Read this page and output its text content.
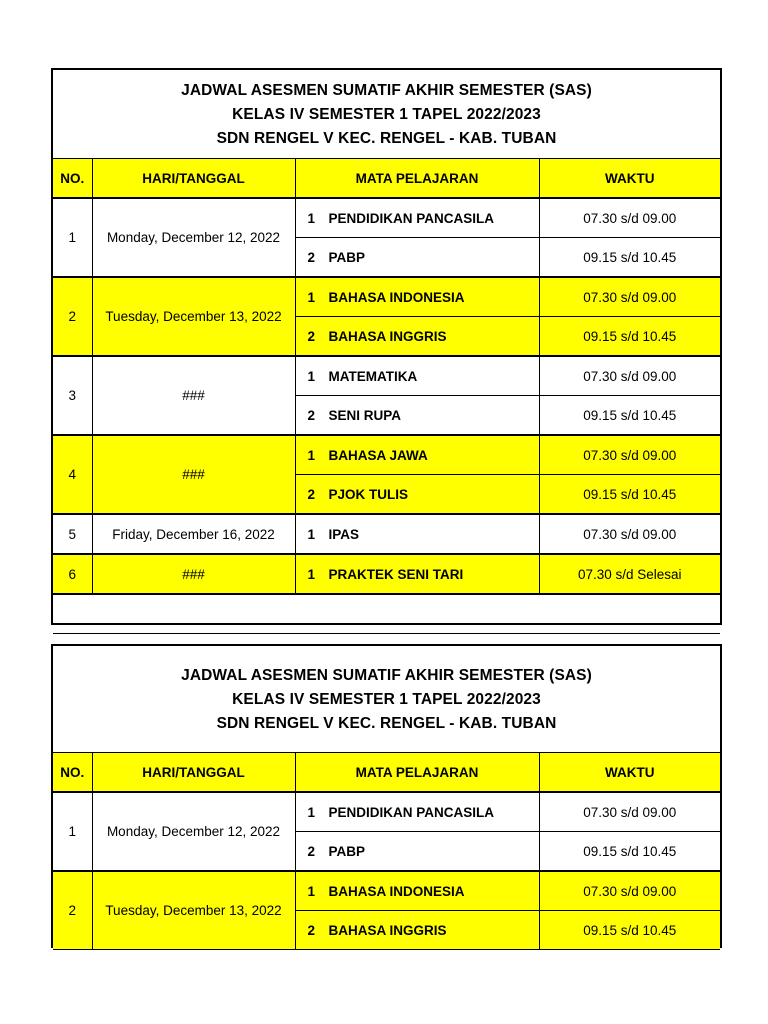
JADWAL ASESMEN SUMATIF AKHIR SEMESTER (SAS)
KELAS IV SEMESTER 1 TAPEL 2022/2023
SDN RENGEL V KEC. RENGEL - KAB. TUBAN
NO.	HARI/TANGGAL	MATA PELAJARAN	WAKTU
1	Monday, December 12, 2022	1 PENDIDIKAN PANCASILA	07.30 s/d 09.00
		2 PABP	09.15 s/d 10.45
2	Tuesday, December 13, 2022	1 BAHASA INDONESIA	07.30 s/d 09.00
		2 BAHASA INGGRIS	09.15 s/d 10.45
3	###	1 MATEMATIKA	07.30 s/d 09.00
		2 SENI RUPA	09.15 s/d 10.45
4	###	1 BAHASA JAWA	07.30 s/d 09.00
		2 PJOK TULIS	09.15 s/d 10.45
5	Friday, December 16, 2022	1 IPAS	07.30 s/d 09.00
6	###	1 PRAKTEK SENI TARI	07.30 s/d Selesai

JADWAL ASESMEN SUMATIF AKHIR SEMESTER (SAS)
KELAS IV SEMESTER 1 TAPEL 2022/2023
SDN RENGEL V KEC. RENGEL - KAB. TUBAN
NO.	HARI/TANGGAL	MATA PELAJARAN	WAKTU
1	Monday, December 12, 2022	1 PENDIDIKAN PANCASILA	07.30 s/d 09.00
		2 PABP	09.15 s/d 10.45
2	Tuesday, December 13, 2022	1 BAHASA INDONESIA	07.30 s/d 09.00
		2 BAHASA INGGRIS	09.15 s/d 10.45
